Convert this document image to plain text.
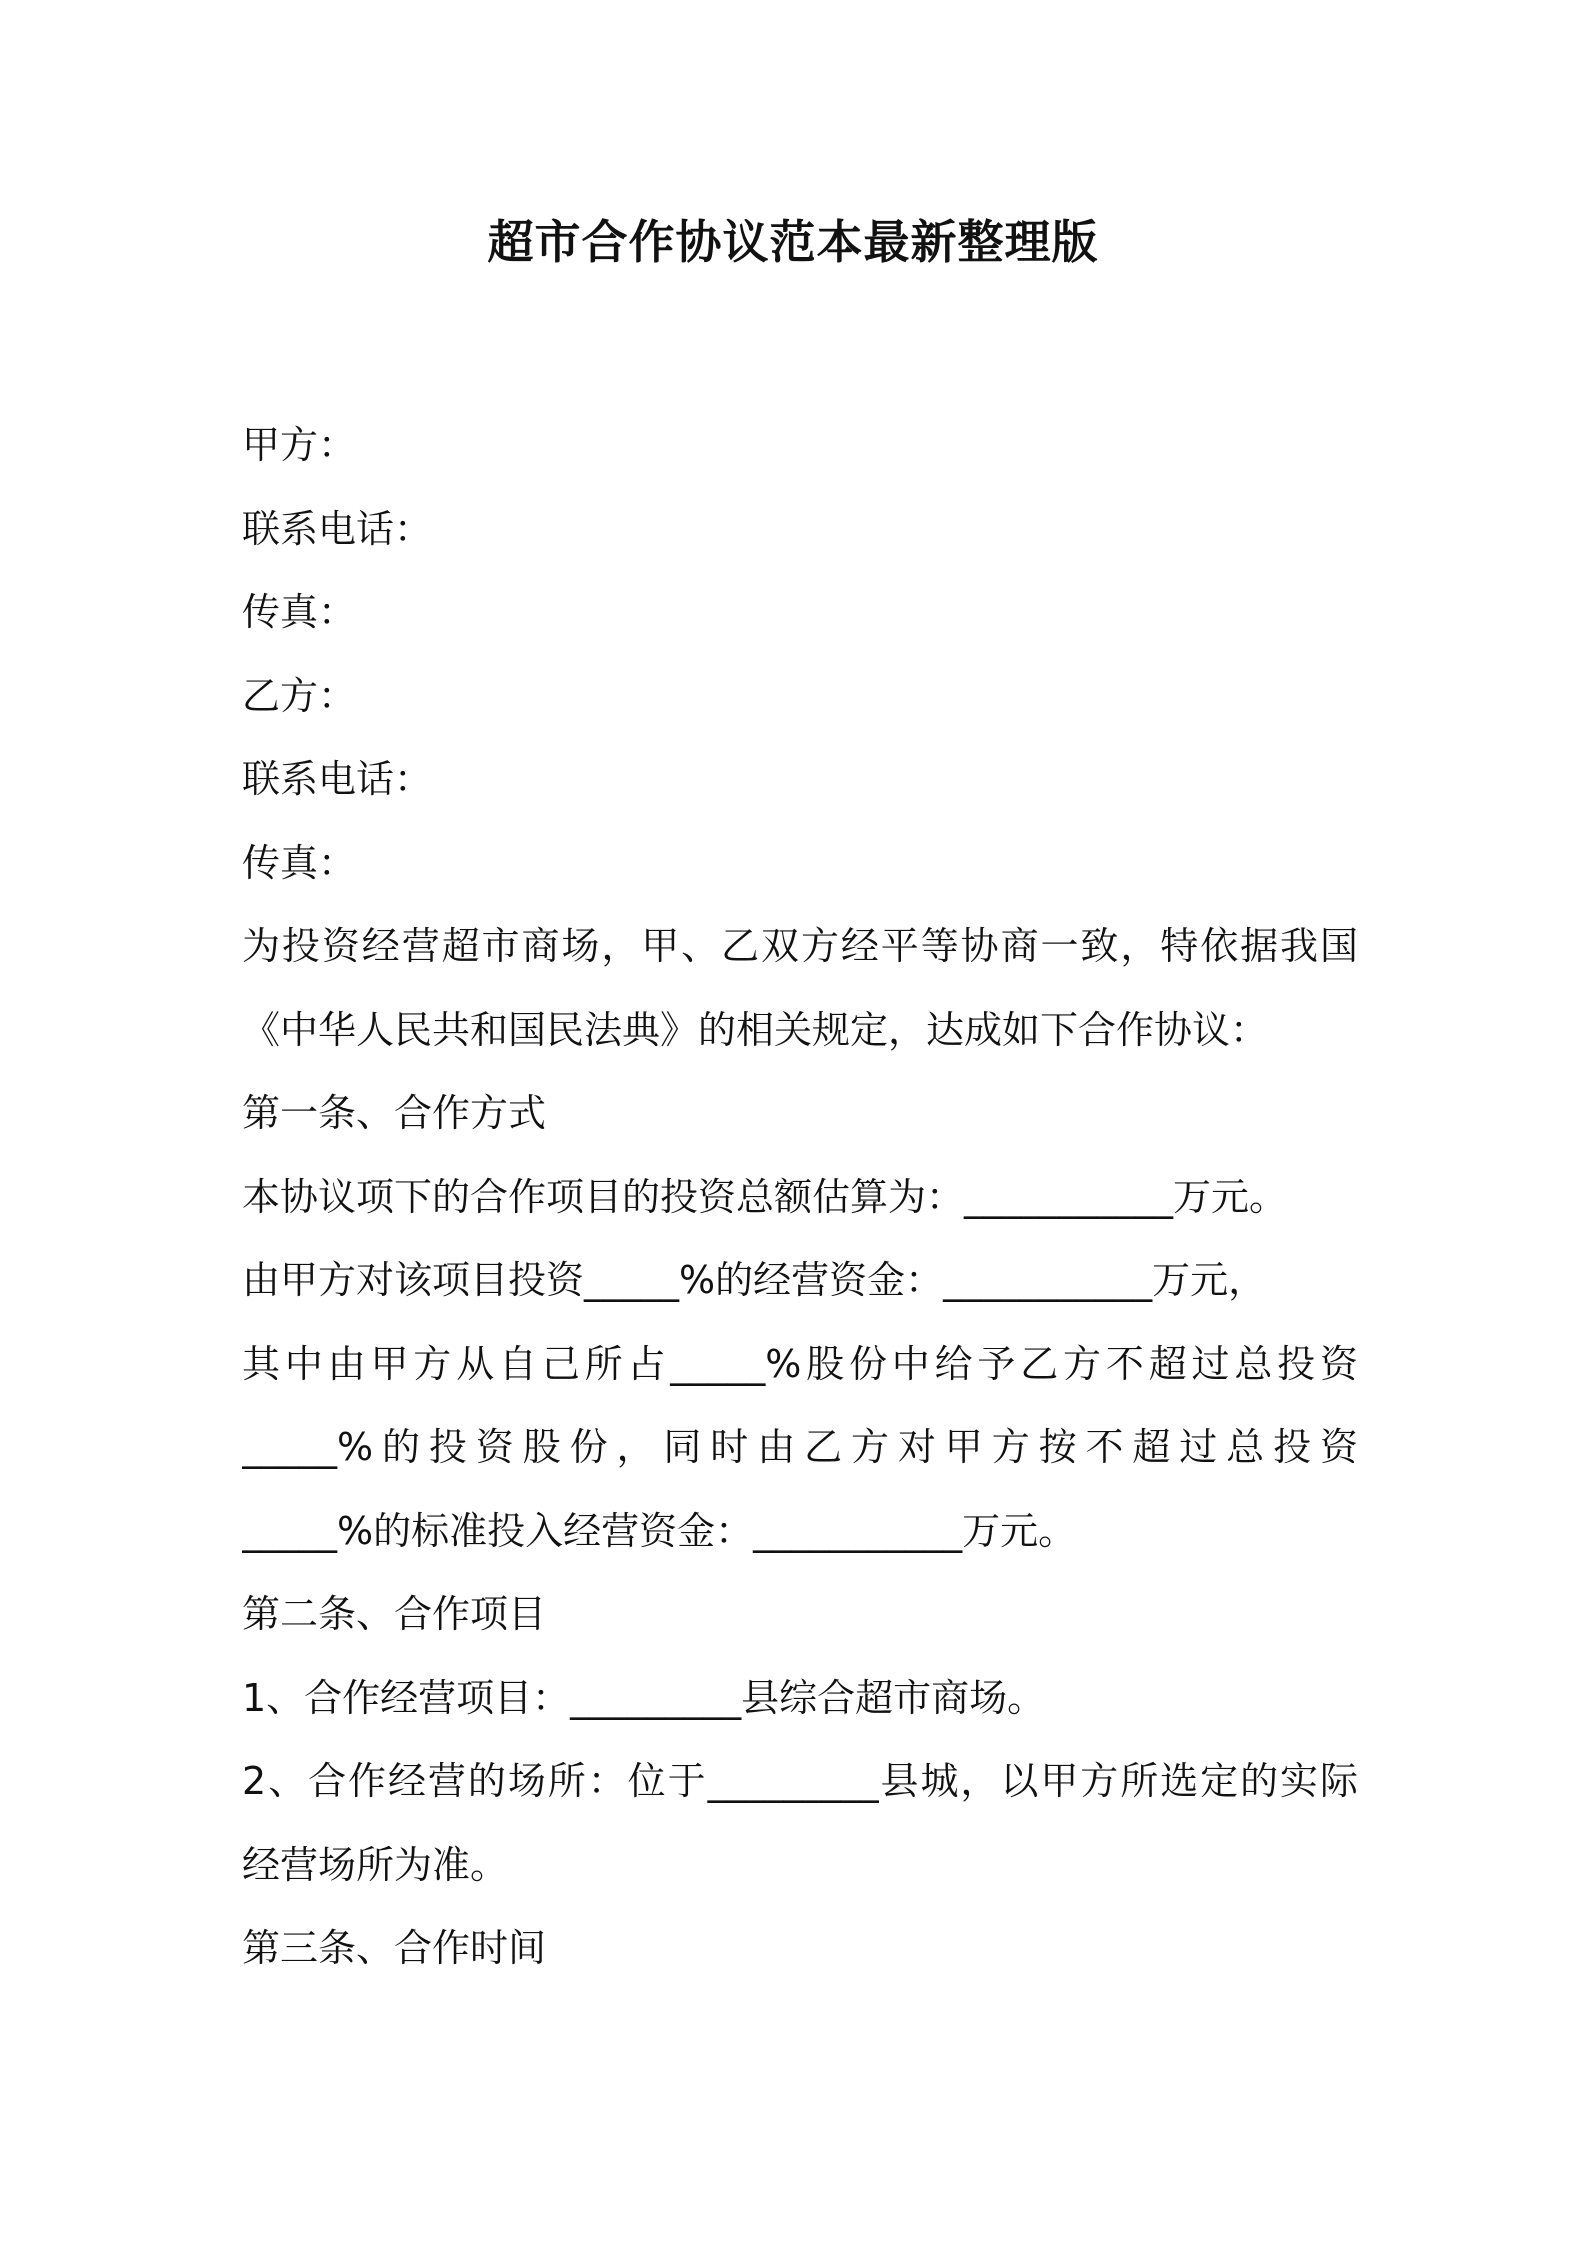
超市合作协议范本最新整理版
甲方：
联系电话：
传真：
乙方：
联系电话：
传真：
为投资经营超市商场，甲、乙双方经平等协商一致，特依据我国
《中华人民共和国民法典》的相关规定，达成如下合作协议：
第一条、合作方式
本协议项下的合作项目的投资总额估算为：___________万元。
由甲方对该项目投资_____%的经营资金：___________万元，
其中由甲方从自己所占_____%股份中给予乙方不超过总投资
_____%的投资股份，同时由乙方对甲方按不超过总投资
_____%的标准投入经营资金：___________万元。
第二条、合作项目
1、合作经营项目：_________县综合超市商场。
2、合作经营的场所：位于_________县城，以甲方所选定的实际
经营场所为准。
第三条、合作时间
